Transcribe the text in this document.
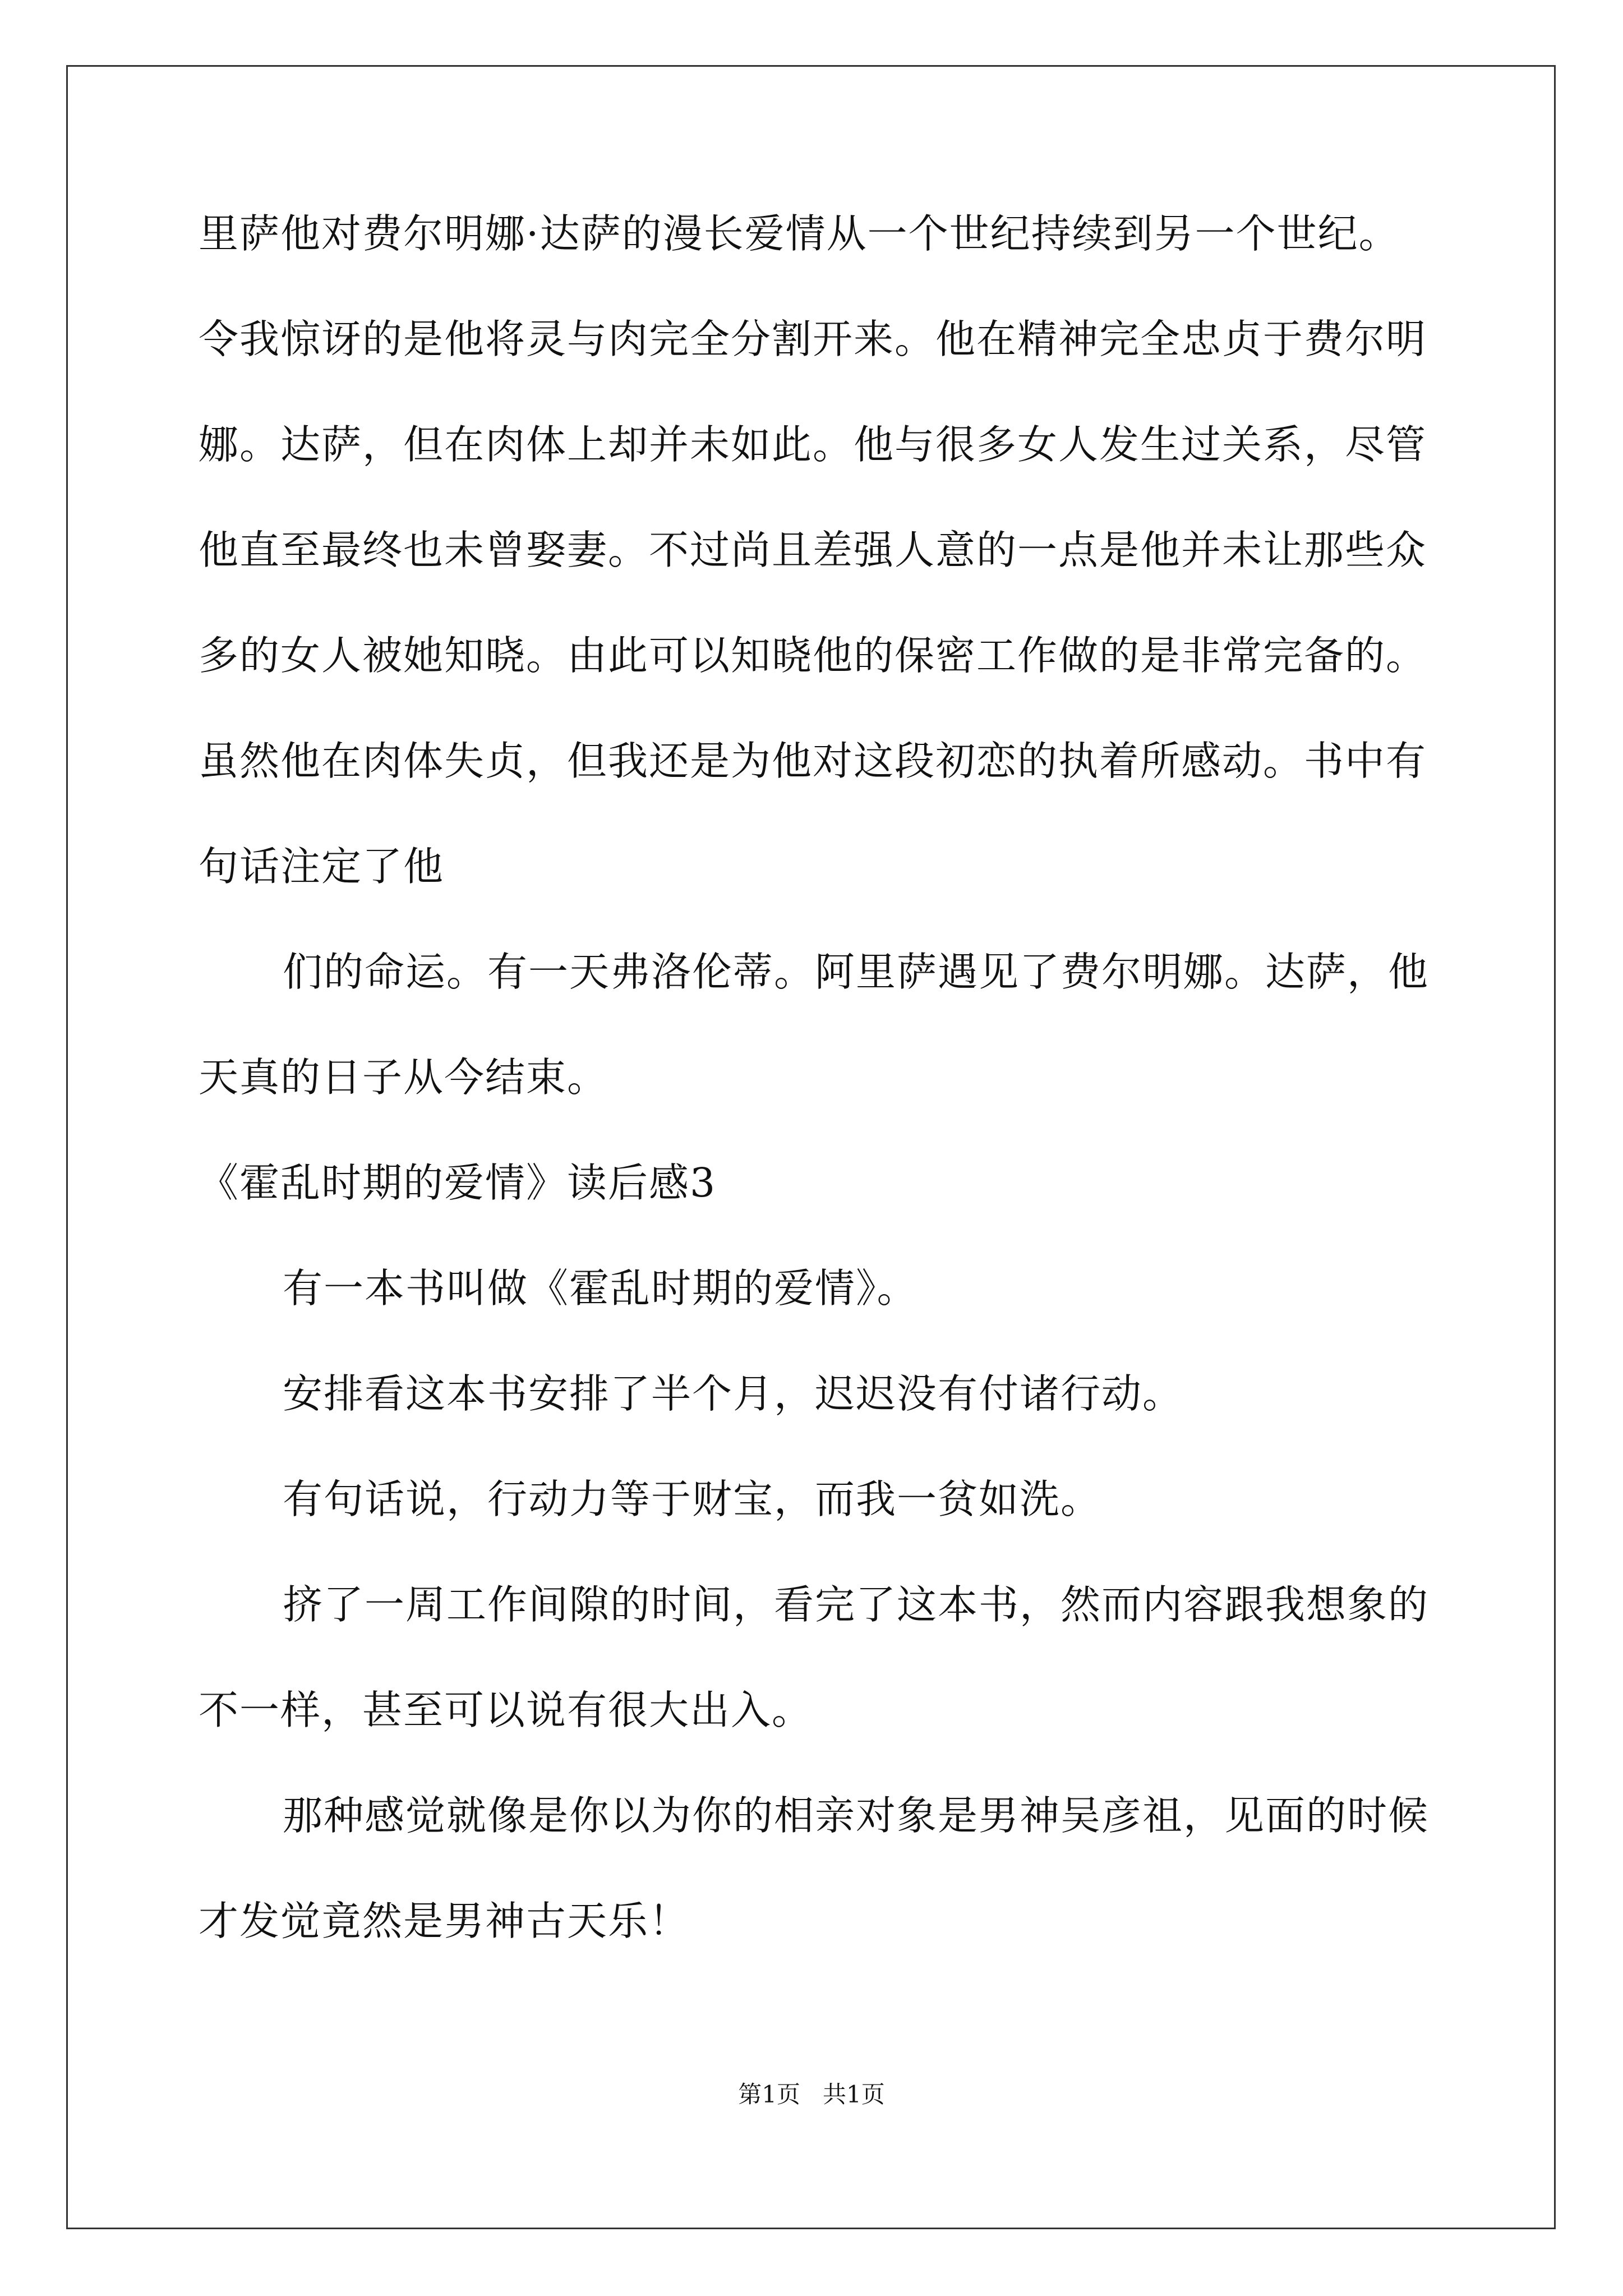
里萨他对费尔明娜·达萨的漫长爱情从一个世纪持续到另一个世纪。
令我惊讶的是他将灵与肉完全分割开来。他在精神完全忠贞于费尔明
娜。达萨，但在肉体上却并未如此。他与很多女人发生过关系，尽管
他直至最终也未曾娶妻。不过尚且差强人意的一点是他并未让那些众
多的女人被她知晓。由此可以知晓他的保密工作做的是非常完备的。
虽然他在肉体失贞，但我还是为他对这段初恋的执着所感动。书中有
句话注定了他
们的命运。有一天弗洛伦蒂。阿里萨遇见了费尔明娜。达萨，他
天真的日子从今结束。
《霍乱时期的爱情》读后感3
有一本书叫做《霍乱时期的爱情》。
安排看这本书安排了半个月，迟迟没有付诸行动。
有句话说，行动力等于财宝，而我一贫如洗。
挤了一周工作间隙的时间，看完了这本书，然而内容跟我想象的
不一样，甚至可以说有很大出入。
那种感觉就像是你以为你的相亲对象是男神吴彦祖，见面的时候
才发觉竟然是男神古天乐！
第1页   共1页
